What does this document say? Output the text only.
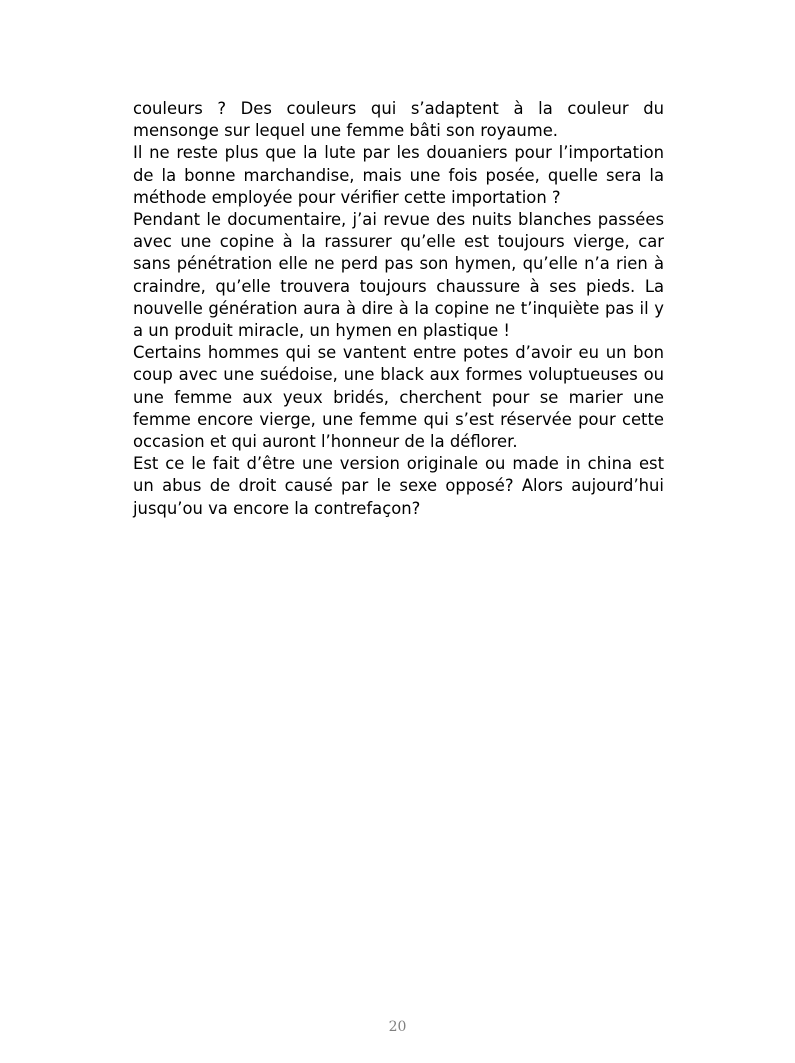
couleurs ? Des couleurs qui s’adaptent à la couleur du mensonge sur lequel une femme bâti son royaume.

Il ne reste plus que la lute par les douaniers pour l’importation de la bonne marchandise, mais une fois posée, quelle sera la méthode employée pour vérifier cette importation ?

Pendant le documentaire, j’ai revue des nuits blanches passées avec une copine à la rassurer qu’elle est toujours vierge, car sans pénétration elle ne perd pas son hymen, qu’elle n’a rien à craindre, qu’elle trouvera toujours chaussure à ses pieds. La nouvelle génération aura à dire à la copine ne t’inquiète pas il y a un produit miracle, un hymen en plastique !

Certains hommes qui se vantent entre potes d’avoir eu un bon coup avec une suédoise, une black aux formes voluptueuses ou une femme aux yeux bridés, cherchent pour se marier une femme encore vierge, une femme qui s’est réservée pour cette occasion et qui auront l’honneur de la déflorer.

Est ce le fait d’être une version originale ou made in china est un abus de droit causé par le sexe opposé? Alors aujourd’hui jusqu’ou va encore la contrefaçon?

20
